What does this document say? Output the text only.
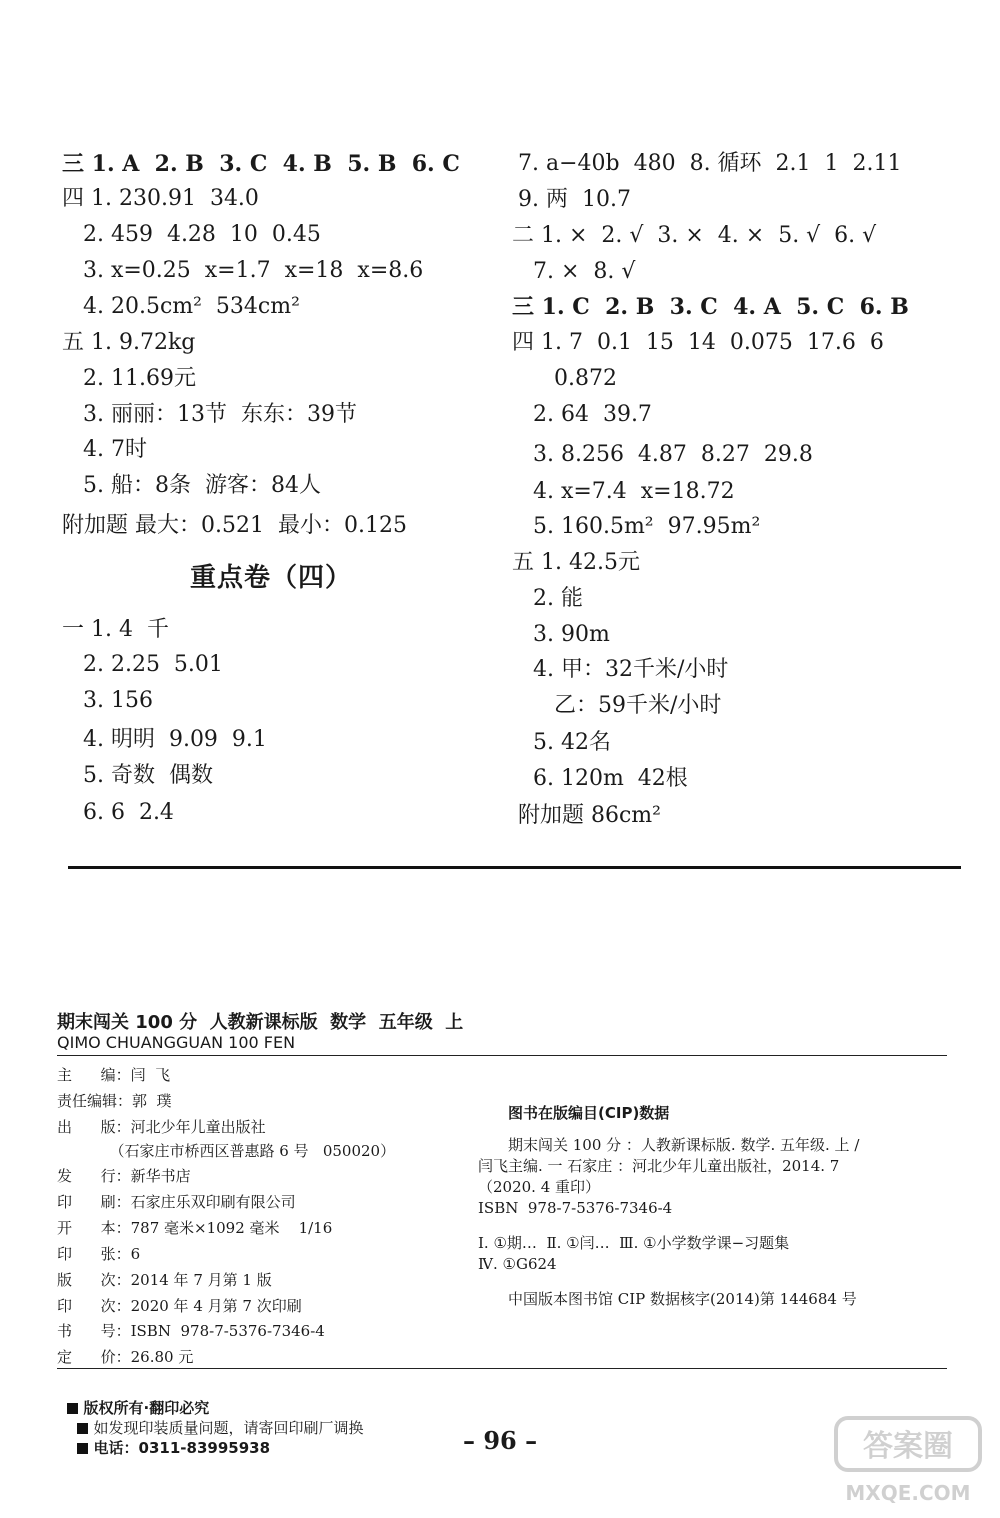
三 1. A  2. B  3. C  4. B  5. B  6. C
四 1. 230.91  34.0
2. 459  4.28  10  0.45
3. x=0.25  x=1.7  x=18  x=8.6
4. 20.5cm²  534cm²
五 1. 9.72kg
2. 11.69元
3. 丽丽：13节  东东：39节
4. 7时
5. 船：8条  游客：84人
附加题 最大：0.521  最小：0.125
重点卷（四）
一 1. 4  千
2. 2.25  5.01
3. 156
4. 明明  9.09  9.1
5. 奇数  偶数
6. 6  2.4
7. a−40b  480  8. 循环  2.1  1  2.11
9. 两  10.7
二 1. ×  2. √  3. ×  4. ×  5. √  6. √
7. ×  8. √
三 1. C  2. B  3. C  4. A  5. C  6. B
四 1. 7  0.1  15  14  0.075  17.6  6
0.872
2. 64  39.7
3. 8.256  4.87  8.27  29.8
4. x=7.4  x=18.72
5. 160.5m²  97.95m²
五 1. 42.5元
2. 能
3. 90m
4. 甲：32千米/小时
乙：59千米/小时
5. 42名
6. 120m  42根
附加题 86cm²
期末闯关 100 分  人教新课标版  数学  五年级  上
QIMO CHUANGGUAN 100 FEN
主      编：闫  飞
责任编辑：郭  璞
出      版：河北少年儿童出版社
（石家庄市桥西区普惠路 6 号   050020）
发      行：新华书店
印      刷：石家庄乐双印刷有限公司
开      本：787 毫米×1092 毫米    1/16
印      张：6
版      次：2014 年 7 月第 1 版
印      次：2020 年 4 月第 7 次印刷
书      号：ISBN  978-7-5376-7346-4
定      价：26.80 元
图书在版编目(CIP)数据
期末闯关 100 分 ：人教新课标版. 数学. 五年级. 上 /
闫飞主编. 一 石家庄 ：河北少年儿童出版社，2014. 7
（2020. 4 重印）
ISBN  978-7-5376-7346-4
Ⅰ. ①期…  Ⅱ. ①闫…  Ⅲ. ①小学数学课−习题集
Ⅳ. ①G624
中国版本图书馆 CIP 数据核字(2014)第 144684 号

版权所有·翻印必究
如发现印装质量问题，请寄回印刷厂调换
电话：0311-83995938	– 96 –	答案圈
MXQE.COM
